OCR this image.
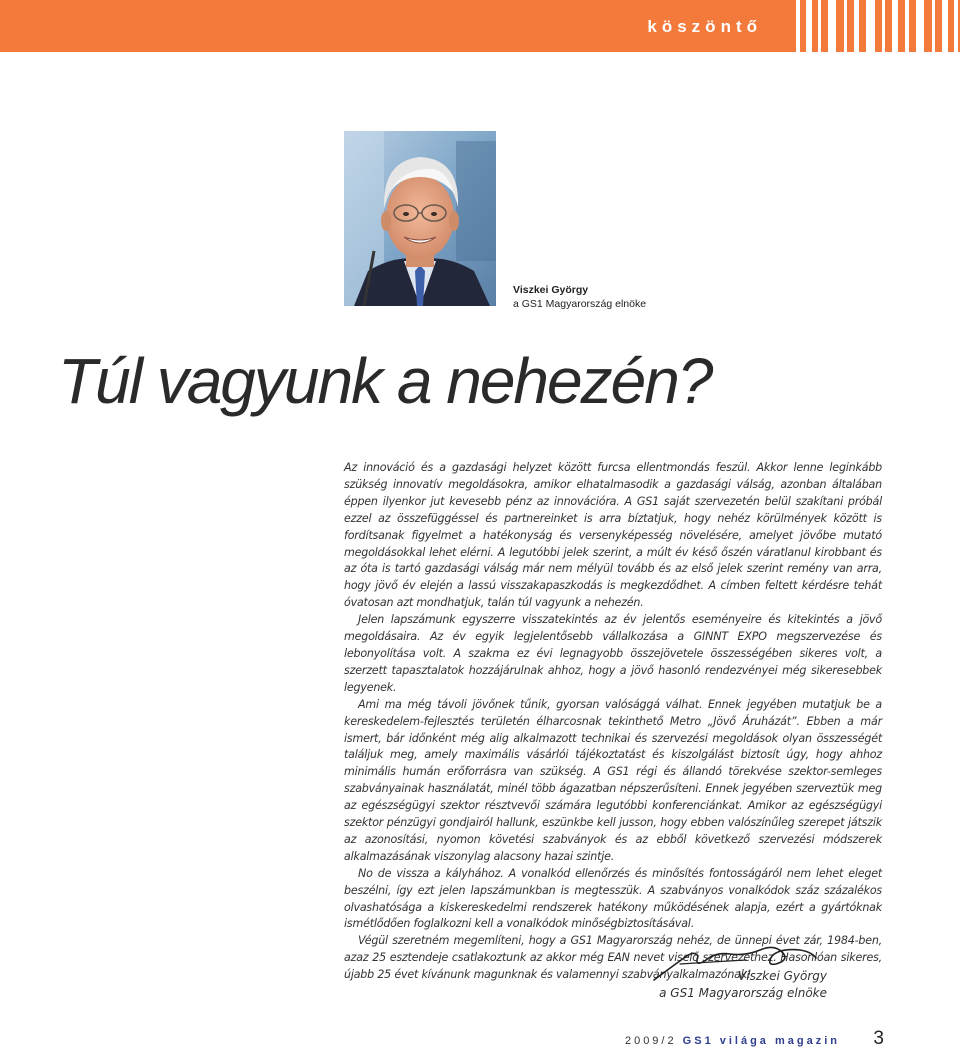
köszöntő
Viszkei György
a GS1 Magyarország elnöke
Túl vagyunk a nehezén?

Az innováció és a gazdasági helyzet között furcsa ellentmondás feszül. Akkor lenne leginkább szükség innovatív megoldásokra, amikor elhatalmasodik a gazdasági válság, azonban általában éppen ilyenkor jut kevesebb pénz az innovációra. A GS1 saját szervezetén belül szakítani próbál ezzel az összefüggéssel és partnereinket is arra bíztatjuk, hogy nehéz körülmények között is fordítsanak figyelmet a hatékonyság és versenyképesség növelésére, amelyet jövőbe mutató megoldásokkal lehet elérni. A legutóbbi jelek szerint, a múlt év késő őszén váratlanul kirobbant és az óta is tartó gazdasági válság már nem mélyül tovább és az első jelek szerint remény van arra, hogy jövő év elején a lassú visszakapaszkodás is megkezdődhet. A címben feltett kérdésre tehát óvatosan azt mondhatjuk, talán túl vagyunk a nehezén.

Jelen lapszámunk egyszerre visszatekintés az év jelentős eseményeire és kitekintés a jövő megoldásaira. Az év egyik legjelentősebb vállalkozása a GINNT EXPO megszervezése és lebonyolítása volt. A szakma ez évi legnagyobb összejövetele összességében sikeres volt, a szerzett tapasztalatok hozzájárulnak ahhoz, hogy a jövő hasonló rendezvényei még sikeresebbek legyenek.

Ami ma még távoli jövőnek tűnik, gyorsan valósággá válhat. Ennek jegyében mutatjuk be a kereskedelem-fejlesztés területén élharcosnak tekinthető Metro „Jövő Áruházát”. Ebben a már ismert, bár időnként még alig alkalmazott technikai és szervezési megoldások olyan összességét találjuk meg, amely maximális vásárlói tájékoztatást és kiszolgálást biztosít úgy, hogy ahhoz minimális humán erőforrásra van szükség. A GS1 régi és állandó törekvése szektor-semleges szabványainak használatát, minél több ágazatban népszerűsíteni. Ennek jegyében szerveztük meg az egészségügyi szektor résztvevői számára legutóbbi konferenciánkat. Amikor az egészségügyi szektor pénzügyi gondjairól hallunk, eszünkbe kell jusson, hogy ebben valószínűleg szerepet játszik az azonosítási, nyomon követési szabványok és az ebből következő szervezési módszerek alkalmazásának viszonylag alacsony hazai szintje.

No de vissza a kályhához. A vonalkód ellenőrzés és minősítés fontosságáról nem lehet eleget beszélni, így ezt jelen lapszámunkban is megtesszük. A szabványos vonalkódok száz százalékos olvashatósága a kiskereskedelmi rendszerek hatékony működésének alapja, ezért a gyártóknak ismétlődően foglalkozni kell a vonalkódok minőségbiztosításával.

Végül szeretném megemlíteni, hogy a GS1 Magyarország nehéz, de ünnepi évet zár, 1984-ben, azaz 25 esztendeje csatlakoztunk az akkor még EAN nevet viselő szervezethez. Hasonlóan sikeres, újabb 25 évet kívánunk magunknak és valamennyi szabványalkalmazónak!

Viszkei György
a GS1 Magyarország elnöke
2009/2 GS1 világa magazin 3
